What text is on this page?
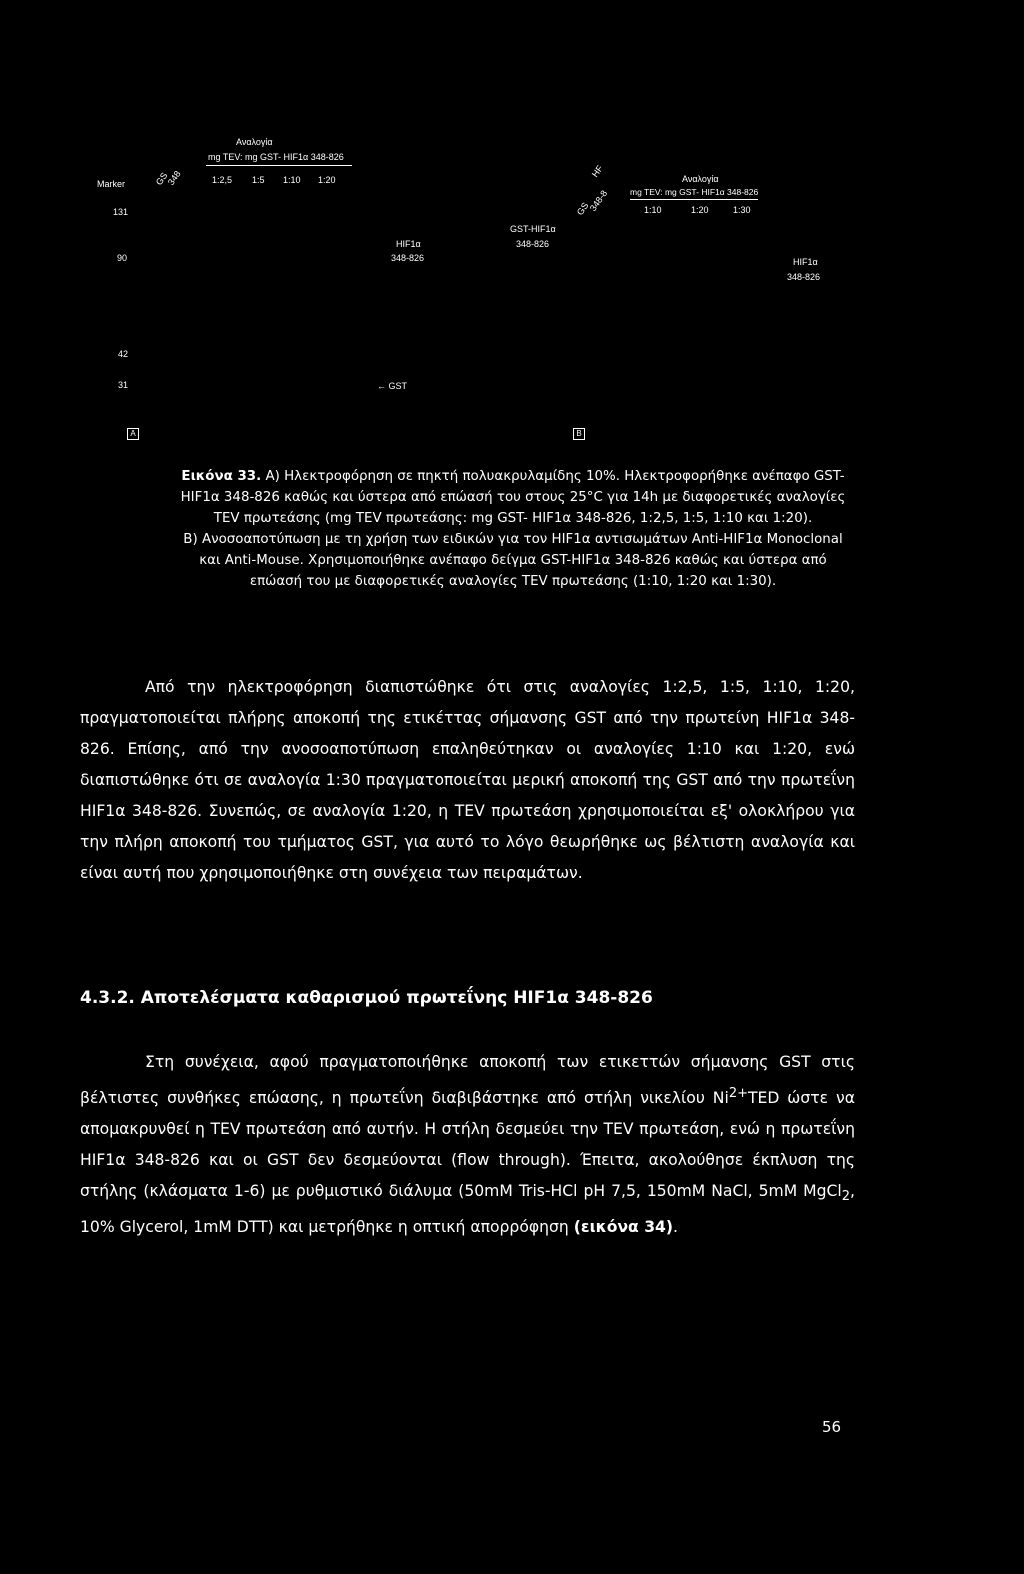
Αναλογία
mg TEV: mg GST- HIF1α 348-826
Marker	GS
348	1:2,5 1:5 1:10 1:20
131
90
42
31
HIF1α
348-826
GST-HIF1α
348-826
← GST
A
GS
348-8
HF	Αναλογία
mg TEV: mg GST- HIF1α 348-826
1:10	1:20	1:30
HIF1α
348-826
B

Εικόνα 33. Α) Ηλεκτροφόρηση σε πηκτή πολυακρυλαμίδης 10%. Ηλεκτροφορήθηκε ανέπαφο GST-

HIF1α 348-826 καθώς και ύστερα από επώασή του στους 25°C για 14h με διαφορετικές αναλογίες

TEV πρωτεάσης (mg TEV πρωτεάσης: mg GST- HIF1α 348-826, 1:2,5, 1:5, 1:10 και 1:20).

B) Ανοσοαποτύπωση με τη χρήση των ειδικών για τον HIF1α αντισωμάτων Anti-HIF1α Monoclonal

και Anti-Mouse. Χρησιμοποιήθηκε ανέπαφο δείγμα GST-HIF1α 348-826 καθώς και ύστερα από

επώασή του με διαφορετικές αναλογίες TEV πρωτεάσης (1:10, 1:20 και 1:30).

Από την ηλεκτροφόρηση διαπιστώθηκε ότι στις αναλογίες 1:2,5, 1:5, 1:10, 1:20, πραγματοποιείται πλήρης αποκοπή της ετικέττας σήμανσης GST από την πρωτείνη HIF1α 348-826. Επίσης, από την ανοσοαποτύπωση επαληθεύτηκαν οι αναλογίες 1:10 και 1:20, ενώ διαπιστώθηκε ότι σε αναλογία 1:30 πραγματοποιείται μερική αποκοπή της GST από την πρωτεΐνη HIF1α 348-826. Συνεπώς, σε αναλογία 1:20, η TEV πρωτεάση χρησιμοποιείται εξ' ολοκλήρου για την πλήρη αποκοπή του τμήματος GST, για αυτό το λόγο θεωρήθηκε ως βέλτιστη αναλογία και είναι αυτή που χρησιμοποιήθηκε στη συνέχεια των πειραμάτων.

4.3.2. Αποτελέσματα καθαρισμού πρωτεΐνης HIF1α 348-826

Στη συνέχεια, αφού πραγματοποιήθηκε αποκοπή των ετικεττών σήμανσης GST στις βέλτιστες συνθήκες επώασης, η πρωτεΐνη διαβιβάστηκε από στήλη νικελίου $Ni^{2+}TED$ ώστε να απομακρυνθεί η TEV πρωτεάση από αυτήν. Η στήλη δεσμεύει την TEV πρωτεάση, ενώ η πρωτεΐνη HIF1α 348-826 και οι GST δεν δεσμεύονται (flow through). Έπειτα, ακολούθησε έκπλυση της στήλης (κλάσματα 1-6) με ρυθμιστικό διάλυμα (50mM Tris-HCl pH 7,5, 150mM NaCl, 5mM MgCl$_2$, 10% Glycerol, 1mM DTT) και μετρήθηκε η οπτική απορρόφηση (εικόνα 34).

56
